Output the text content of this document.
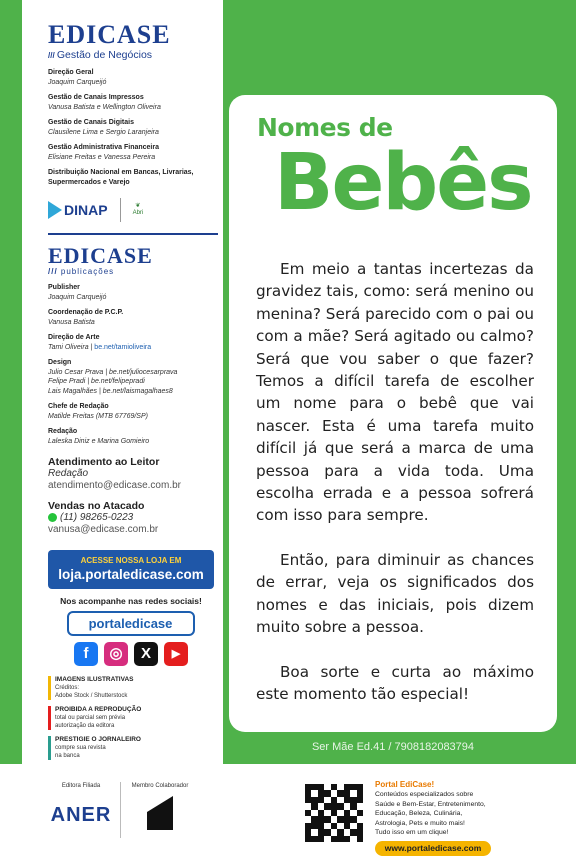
EDICASE
/// Gestão de Negócios
Direção Geral
Joaquim Carqueijó
Gestão de Canais Impressos
Vanusa Batista e Wellington Oliveira
Gestão de Canais Digitais
Clausilene Lima e Sergio Laranjeira
Gestão Administrativa Financeira
Elisiane Freitas e Vanessa Pereira
Distribuição Nacional em Bancas, Livrarias, Supermercados e Varejo
DINAP	❦
Abri
EDICASE
/// publicações
Publisher
Joaquim Carqueijó
Coordenação de P.C.P.
Vanusa Batista
Direção de Arte
Tami Oliveira | be.net/tamioliveira
Design
Julio Cesar Prava | be.net/juliocesarprava
Felipe Pradi | be.net/felipepradi
Lais Magalhães | be.net/laismagalhaes8
Chefe de Redação
Matilde Freitas (MTB 67769/SP)
Redação
Laleska Diniz e Marina Gomieiro
Atendimento ao Leitor
Redação
atendimento@edicase.com.br
Vendas no Atacado
(11) 98265-0223
vanusa@edicase.com.br
ACESSE NOSSA LOJA EM
loja.portaledicase.com
Nos acompanhe nas redes sociais!
portaledicase
f	◎	X	▶
IMAGENS ILUSTRATIVAS
Créditos:
Adobe Stock / Shutterstock
PROIBIDA A REPRODUÇÃO
total ou parcial sem prévia
autorização da editora
PRESTIGIE O JORNALEIRO
compre sua revista
na banca
Editora Filiada
ANER
Membro Colaborador
Nomes de
Bebês

Em meio a tantas incertezas da gravidez tais, como: será menino ou menina? Será parecido com o pai ou com a mãe? Será agitado ou calmo? Será que vou saber o que fazer? Temos a difícil tarefa de escolher um nome para o bebê que vai nascer. Esta é uma tarefa muito difícil já que será a marca de uma pessoa para a vida toda. Uma escolha errada e a pessoa sofrerá com isso para sempre.

Então, para diminuir as chances de errar, veja os significados dos nomes e das iniciais, pois dizem muito sobre a pessoa.

Boa sorte e curta ao máximo este momento tão especial!

Ser Mãe Ed.41 / 7908182083794
Portal EdiCase!
Conteúdos especializados sobre
Saúde e Bem-Estar, Entretenimento,
Educação, Beleza, Culinária,
Astrologia, Pets e muito mais!
Tudo isso em um clique!
www.portaledicase.com
